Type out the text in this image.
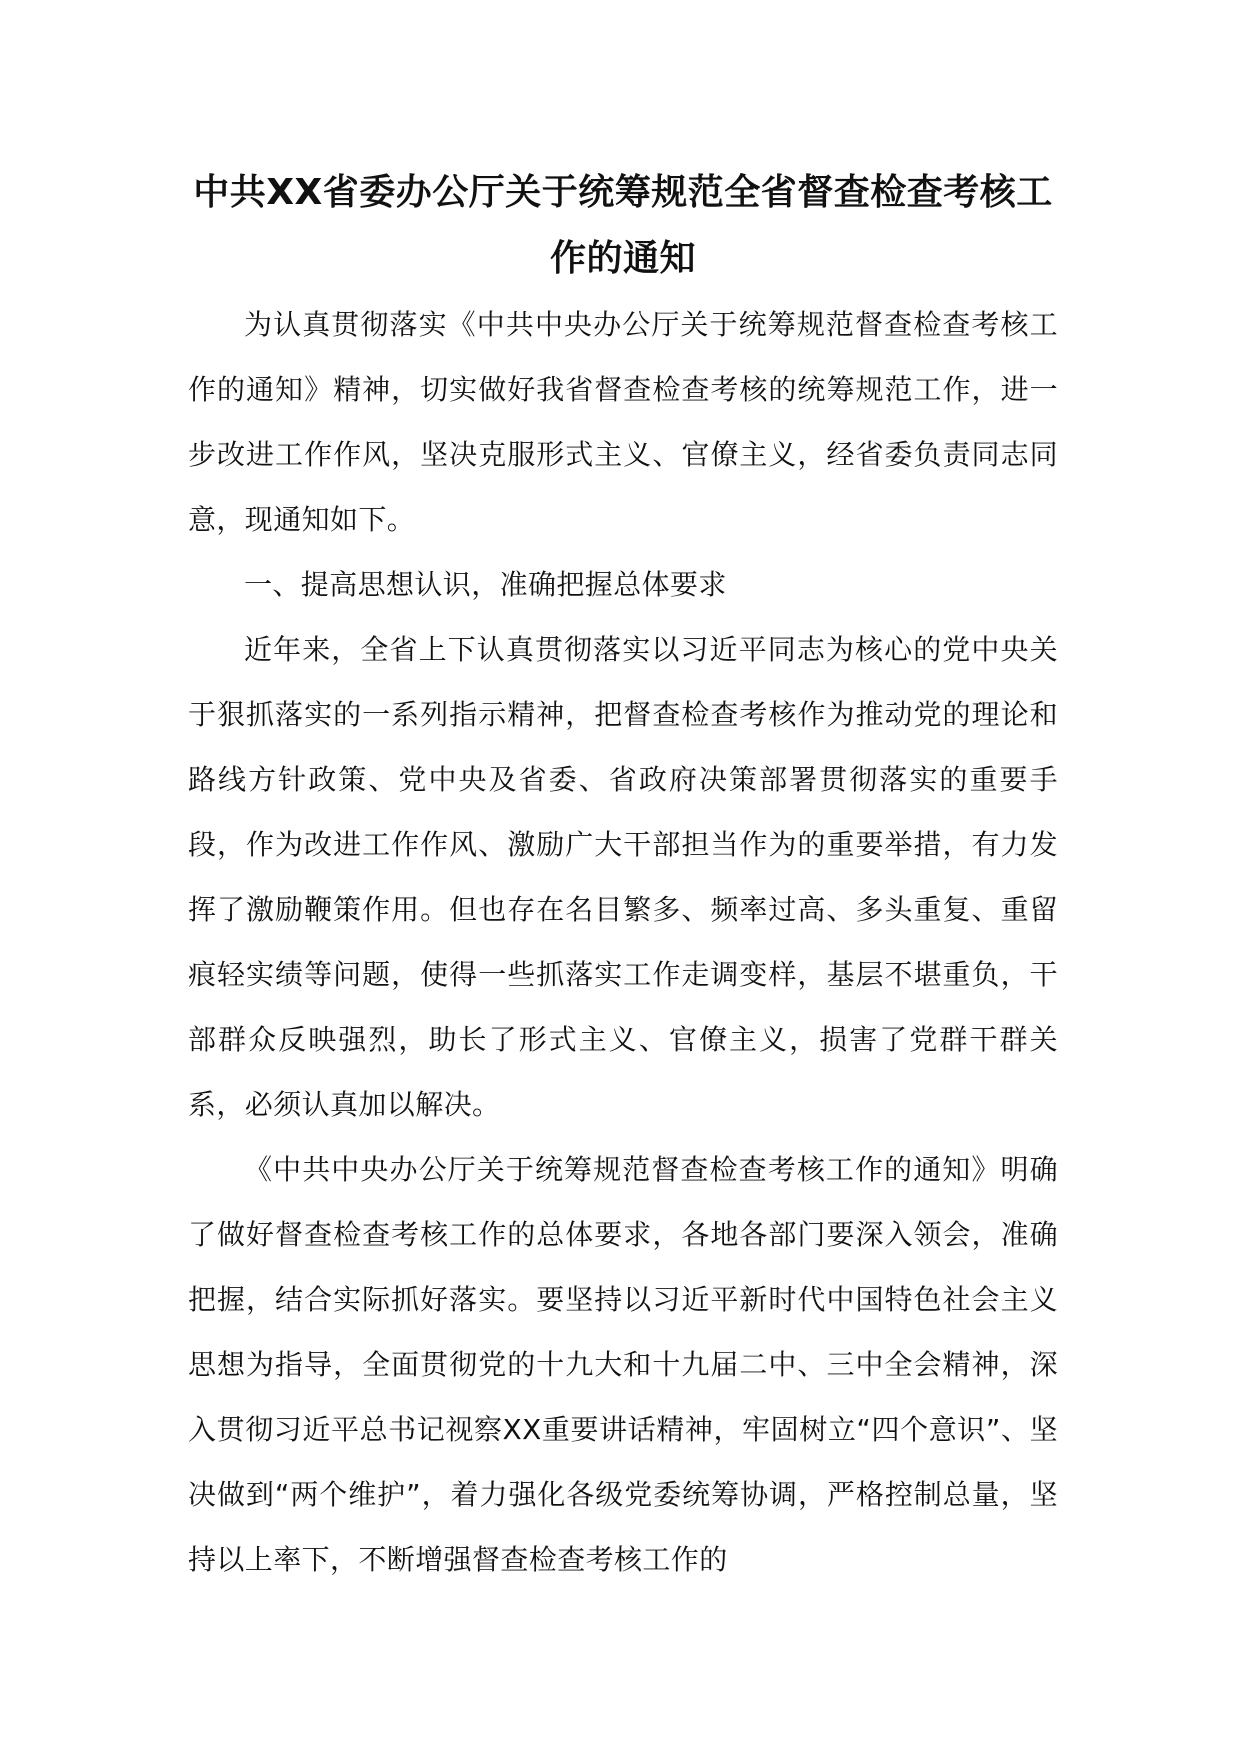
中共XX省委办公厅关于统筹规范全省督查检查考核工作的通知

为认真贯彻落实《中共中央办公厅关于统筹规范督查检查考核工作的通知》精神，切实做好我省督查检查考核的统筹规范工作，进一步改进工作作风，坚决克服形式主义、官僚主义，经省委负责同志同意，现通知如下。

一、提高思想认识，准确把握总体要求

近年来，全省上下认真贯彻落实以习近平同志为核心的党中央关于狠抓落实的一系列指示精神，把督查检查考核作为推动党的理论和路线方针政策、党中央及省委、省政府决策部署贯彻落实的重要手段，作为改进工作作风、激励广大干部担当作为的重要举措，有力发挥了激励鞭策作用。但也存在名目繁多、频率过高、多头重复、重留痕轻实绩等问题，使得一些抓落实工作走调变样，基层不堪重负，干部群众反映强烈，助长了形式主义、官僚主义，损害了党群干群关系，必须认真加以解决。

《中共中央办公厅关于统筹规范督查检查考核工作的通知》明确了做好督查检查考核工作的总体要求，各地各部门要深入领会，准确把握，结合实际抓好落实。要坚持以习近平新时代中国特色社会主义思想为指导，全面贯彻党的十九大和十九届二中、三中全会精神，深入贯彻习近平总书记视察XX重要讲话精神，牢固树立“四个意识”、坚决做到“两个维护”，着力强化各级党委统筹协调，严格控制总量，坚持以上率下，不断增强督查检查考核工作的
